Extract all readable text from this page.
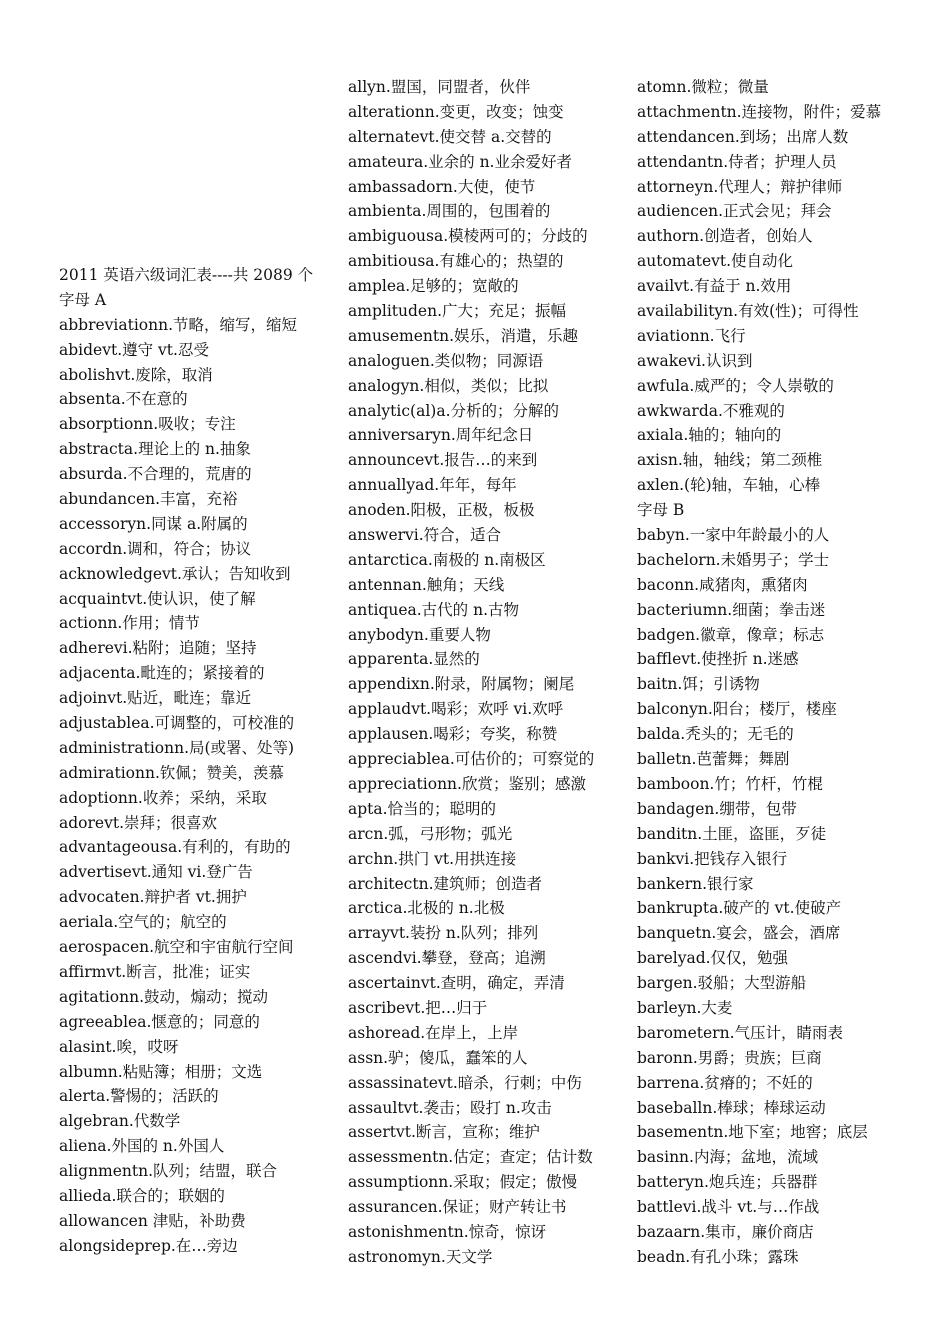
2011 英语六级词汇表----共 2089 个
字母 A
abbreviationn.节略，缩写，缩短
abidevt.遵守 vt.忍受
abolishvt.废除，取消
absenta.不在意的
absorptionn.吸收；专注
abstracta.理论上的 n.抽象
absurda.不合理的，荒唐的
abundancen.丰富，充裕
accessoryn.同谋 a.附属的
accordn.调和，符合；协议
acknowledgevt.承认；告知收到
acquaintvt.使认识，使了解
actionn.作用；情节
adherevi.粘附；追随；坚持
adjacenta.毗连的；紧接着的
adjoinvt.贴近，毗连；靠近
adjustablea.可调整的，可校准的
administrationn.局(或署、处等)
admirationn.钦佩；赞美，羡慕
adoptionn.收养；采纳，采取
adorevt.崇拜；很喜欢
advantageousa.有利的，有助的
advertisevt.通知 vi.登广告
advocaten.辩护者 vt.拥护
aeriala.空气的；航空的
aerospacen.航空和宇宙航行空间
affirmvt.断言，批准；证实
agitationn.鼓动，煽动；搅动
agreeablea.惬意的；同意的
alasint.唉，哎呀
albumn.粘贴簿；相册；文选
alerta.警惕的；活跃的
algebran.代数学
aliena.外国的 n.外国人
alignmentn.队列；结盟，联合
allieda.联合的；联姻的
allowancen 津贴，补助费
alongsideprep.在…旁边
allyn.盟国，同盟者，伙伴
alterationn.变更，改变；蚀变
alternatevt.使交替 a.交替的
amateura.业余的 n.业余爱好者
ambassadorn.大使，使节
ambienta.周围的，包围着的
ambiguousa.模棱两可的；分歧的
ambitiousa.有雄心的；热望的
amplea.足够的；宽敞的
amplituden.广大；充足；振幅
amusementn.娱乐，消遣，乐趣
analoguen.类似物；同源语
analogyn.相似，类似；比拟
analytic(al)a.分析的；分解的
anniversaryn.周年纪念日
announcevt.报告…的来到
annuallyad.年年，每年
anoden.阳极，正极，板极
answervi.符合，适合
antarctica.南极的 n.南极区
antennan.触角；天线
antiquea.古代的 n.古物
anybodyn.重要人物
apparenta.显然的
appendixn.附录，附属物；阑尾
applaudvt.喝彩；欢呼 vi.欢呼
applausen.喝彩；夸奖，称赞
appreciablea.可估价的；可察觉的
appreciationn.欣赏；鉴别；感激
apta.恰当的；聪明的
arcn.弧，弓形物；弧光
archn.拱门 vt.用拱连接
architectn.建筑师；创造者
arctica.北极的 n.北极
arrayvt.装扮 n.队列；排列
ascendvi.攀登，登高；追溯
ascertainvt.查明，确定，弄清
ascribevt.把…归于
ashoread.在岸上，上岸
assn.驴；傻瓜，蠢笨的人
assassinatevt.暗杀，行刺；中伤
assaultvt.袭击；殴打 n.攻击
assertvt.断言，宣称；维护
assessmentn.估定；查定；估计数
assumptionn.采取；假定；傲慢
assurancen.保证；财产转让书
astonishmentn.惊奇，惊讶
astronomyn.天文学
atomn.微粒；微量
attachmentn.连接物，附件；爱慕
attendancen.到场；出席人数
attendantn.侍者；护理人员
attorneyn.代理人；辩护律师
audiencen.正式会见；拜会
authorn.创造者，创始人
automatevt.使自动化
availvt.有益于 n.效用
availabilityn.有效(性)；可得性
aviationn.飞行
awakevi.认识到
awfula.威严的；令人崇敬的
awkwarda.不雅观的
axiala.轴的；轴向的
axisn.轴，轴线；第二颈椎
axlen.(轮)轴，车轴，心棒
字母 B
babyn.一家中年龄最小的人
bachelorn.未婚男子；学士
baconn.咸猪肉，熏猪肉
bacteriumn.细菌；拳击迷
badgen.徽章，像章；标志
bafflevt.使挫折 n.迷感
baitn.饵；引诱物
balconyn.阳台；楼厅，楼座
balda.秃头的；无毛的
balletn.芭蕾舞；舞剧
bamboon.竹；竹杆，竹棍
bandagen.绷带，包带
banditn.土匪，盗匪，歹徒
bankvi.把钱存入银行
bankern.银行家
bankrupta.破产的 vt.使破产
banquetn.宴会，盛会，酒席
barelyad.仅仅，勉强
bargen.驳船；大型游船
barleyn.大麦
barometern.气压计，睛雨表
baronn.男爵；贵族；巨商
barrena.贫瘠的；不妊的
baseballn.棒球；棒球运动
basementn.地下室；地窖；底层
basinn.内海；盆地，流域
batteryn.炮兵连；兵器群
battlevi.战斗 vt.与…作战
bazaarn.集市，廉价商店
beadn.有孔小珠；露珠
